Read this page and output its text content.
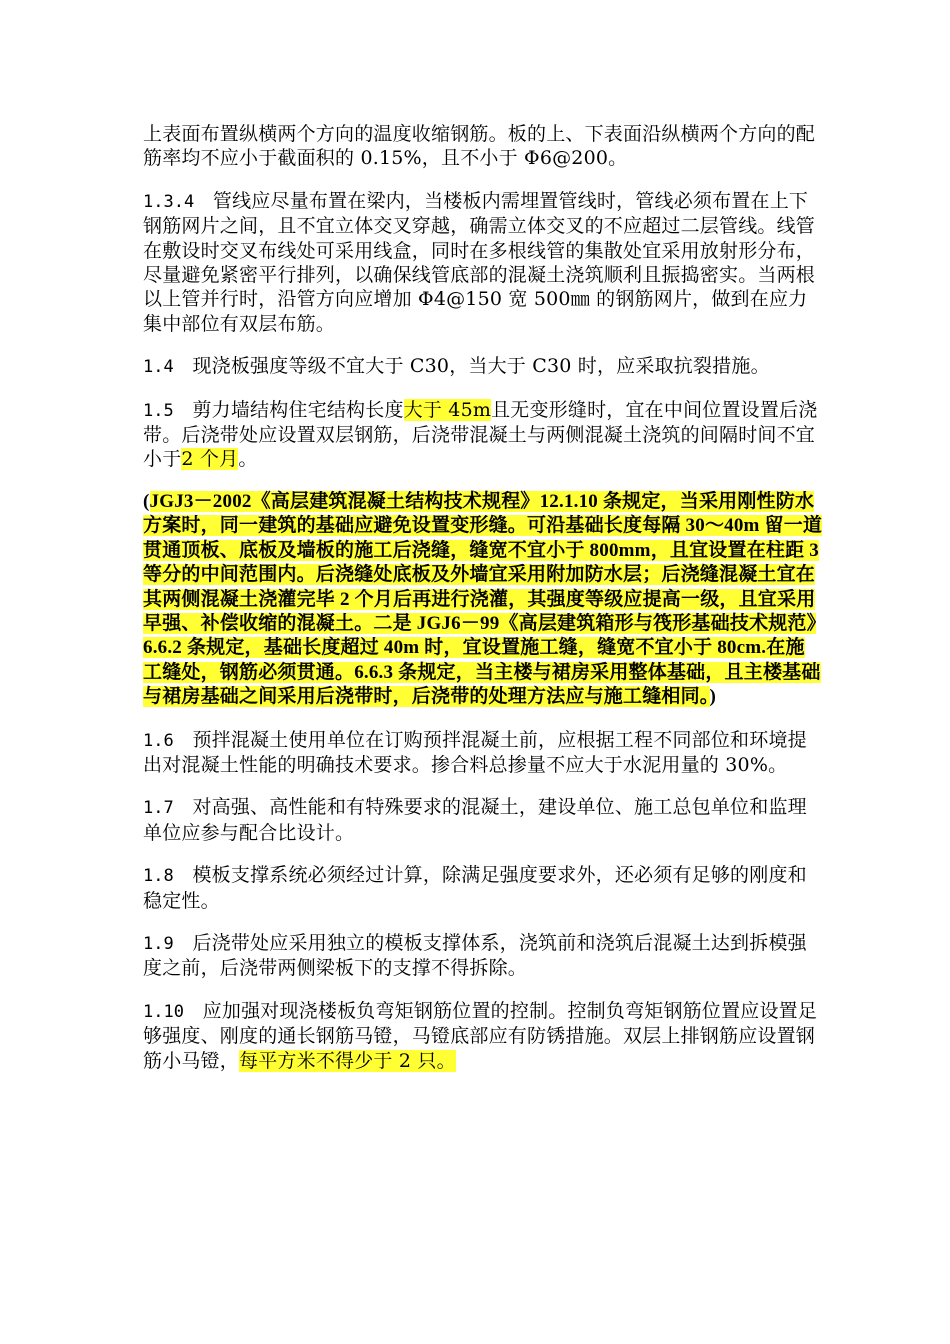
上表面布置纵横两个方向的温度收缩钢筋。板的上、下表面沿纵横两个方向的配筋率均不应小于截面积的 0.15%，且不小于 Φ6@200。

1.3.4 管线应尽量布置在梁内，当楼板内需埋置管线时，管线必须布置在上下钢筋网片之间，且不宜立体交叉穿越，确需立体交叉的不应超过二层管线。线管在敷设时交叉布线处可采用线盒，同时在多根线管的集散处宜采用放射形分布，尽量避免紧密平行排列，以确保线管底部的混凝土浇筑顺利且振捣密实。当两根以上管并行时，沿管方向应增加 Φ4@150 宽 500㎜ 的钢筋网片，做到在应力集中部位有双层布筋。

1.4 现浇板强度等级不宜大于 C30，当大于 C30 时，应采取抗裂措施。

1.5 剪力墙结构住宅结构长度大于 45m且无变形缝时，宜在中间位置设置后浇带。后浇带处应设置双层钢筋，后浇带混凝土与两侧混凝土浇筑的间隔时间不宜小于2 个月。

(JGJ3－2002《高层建筑混凝土结构技术规程》12.1.10 条规定，当采用刚性防水方案时，同一建筑的基础应避免设置变形缝。可沿基础长度每隔 30～40m 留一道贯通顶板、底板及墙板的施工后浇缝，缝宽不宜小于 800mm，且宜设置在柱距 3 等分的中间范围内。后浇缝处底板及外墙宜采用附加防水层；后浇缝混凝土宜在其两侧混凝土浇灌完毕 2 个月后再进行浇灌，其强度等级应提高一级，且宜采用早强、补偿收缩的混凝土。二是 JGJ6－99《高层建筑箱形与筏形基础技术规范》6.6.2 条规定，基础长度超过 40m 时，宜设置施工缝，缝宽不宜小于 80cm.在施工缝处，钢筋必须贯通。6.6.3 条规定，当主楼与裙房采用整体基础，且主楼基础与裙房基础之间采用后浇带时，后浇带的处理方法应与施工缝相同。)

1.6 预拌混凝土使用单位在订购预拌混凝土前，应根据工程不同部位和环境提出对混凝土性能的明确技术要求。掺合料总掺量不应大于水泥用量的 30%。

1.7 对高强、高性能和有特殊要求的混凝土，建设单位、施工总包单位和监理单位应参与配合比设计。

1.8 模板支撑系统必须经过计算，除满足强度要求外，还必须有足够的刚度和稳定性。

1.9 后浇带处应采用独立的模板支撑体系，浇筑前和浇筑后混凝土达到拆模强度之前，后浇带两侧梁板下的支撑不得拆除。

1.10 应加强对现浇楼板负弯矩钢筋位置的控制。控制负弯矩钢筋位置应设置足够强度、刚度的通长钢筋马镫，马镫底部应有防锈措施。双层上排钢筋应设置钢筋小马镫，每平方米不得少于 2 只。
